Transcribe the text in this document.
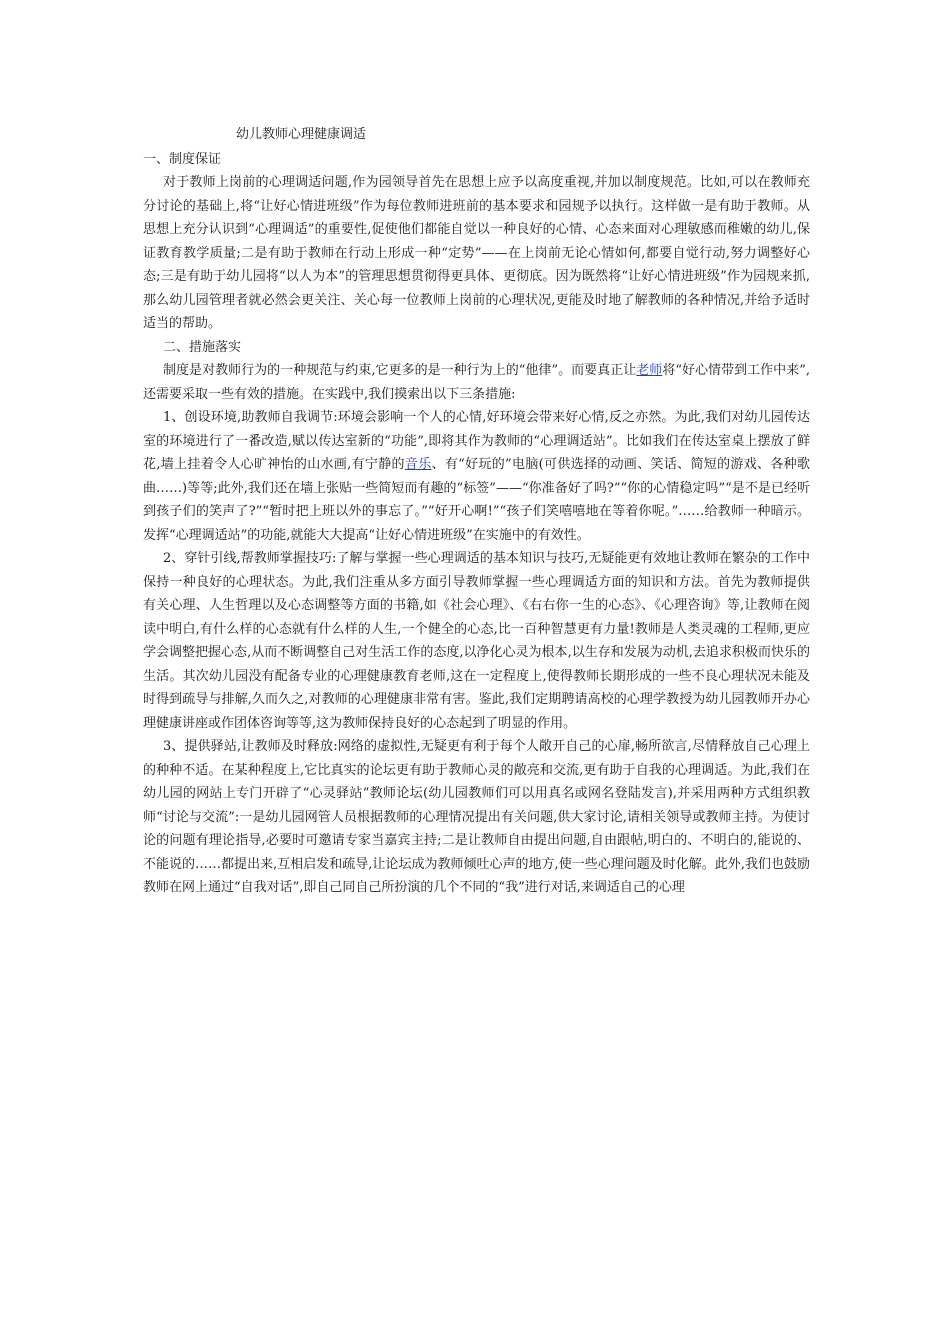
幼儿教师心理健康调适
一、制度保证

对于教师上岗前的心理调适问题,作为园领导首先在思想上应予以高度重视,并加以制度规范。比如,可以在教师充分讨论的基础上,将“让好心情进班级”作为每位教师进班前的基本要求和园规予以执行。这样做一是有助于教师。从思想上充分认识到“心理调适”的重要性,促使他们都能自觉以一种良好的心情、心态来面对心理敏感而稚嫩的幼儿,保证教育教学质量;二是有助于教师在行动上形成一种“定势”——在上岗前无论心情如何,都要自觉行动,努力调整好心态;三是有助于幼儿园将“以人为本”的管理思想贯彻得更具体、更彻底。因为既然将“让好心情进班级”作为园规来抓,那么幼儿园管理者就必然会更关注、关心每一位教师上岗前的心理状况,更能及时地了解教师的各种情况,并给予适时适当的帮助。

二、措施落实

制度是对教师行为的一种规范与约束,它更多的是一种行为上的“他律”。而要真正让老师将“好心情带到工作中来”,还需要采取一些有效的措施。在实践中,我们摸索出以下三条措施:

1、创设环境,助教师自我调节:环境会影响一个人的心情,好环境会带来好心情,反之亦然。为此,我们对幼儿园传达室的环境进行了一番改造,赋以传达室新的“功能”,即将其作为教师的“心理调适站”。比如我们在传达室桌上摆放了鲜花,墙上挂着令人心旷神怡的山水画,有宁静的音乐、有“好玩的”电脑(可供选择的动画、笑话、简短的游戏、各种歌曲……)等等;此外,我们还在墙上张贴一些简短而有趣的“标签”——“你准备好了吗?”“你的心情稳定吗”“是不是已经听到孩子们的笑声了?”“暂时把上班以外的事忘了。”“好开心啊!”“孩子们笑嘻嘻地在等着你呢。”……给教师一种暗示。发挥“心理调适站”的功能,就能大大提高“让好心情进班级”在实施中的有效性。

2、穿针引线,帮教师掌握技巧:了解与掌握一些心理调适的基本知识与技巧,无疑能更有效地让教师在繁杂的工作中保持一种良好的心理状态。为此,我们注重从多方面引导教师掌握一些心理调适方面的知识和方法。首先为教师提供有关心理、人生哲理以及心态调整等方面的书籍,如《社会心理》、《右右你一生的心态》、《心理咨询》等,让教师在阅读中明白,有什么样的心态就有什么样的人生,一个健全的心态,比一百种智慧更有力量!教师是人类灵魂的工程师,更应学会调整把握心态,从而不断调整自己对生活工作的态度,以净化心灵为根本,以生存和发展为动机,去追求积极而快乐的生活。其次幼儿园没有配备专业的心理健康教育老师,这在一定程度上,使得教师长期形成的一些不良心理状况未能及时得到疏导与排解,久而久之,对教师的心理健康非常有害。鉴此,我们定期聘请高校的心理学教授为幼儿园教师开办心理健康讲座或作团体咨询等等,这为教师保持良好的心态起到了明显的作用。

3、提供驿站,让教师及时释放:网络的虚拟性,无疑更有利于每个人敞开自己的心扉,畅所欲言,尽情释放自己心理上的种种不适。在某种程度上,它比真实的论坛更有助于教师心灵的敞亮和交流,更有助于自我的心理调适。为此,我们在幼儿园的网站上专门开辟了“心灵驿站”教师论坛(幼儿园教师们可以用真名或网名登陆发言),并采用两种方式组织教师“讨论与交流”:一是幼儿园网管人员根据教师的心理情况提出有关问题,供大家讨论,请相关领导或教师主持。为使讨论的问题有理论指导,必要时可邀请专家当嘉宾主持;二是让教师自由提出问题,自由跟帖,明白的、不明白的,能说的、不能说的……都提出来,互相启发和疏导,让论坛成为教师倾吐心声的地方,使一些心理问题及时化解。此外,我们也鼓励教师在网上通过“自我对话”,即自己同自己所扮演的几个不同的“我”进行对话,来调适自己的心理
